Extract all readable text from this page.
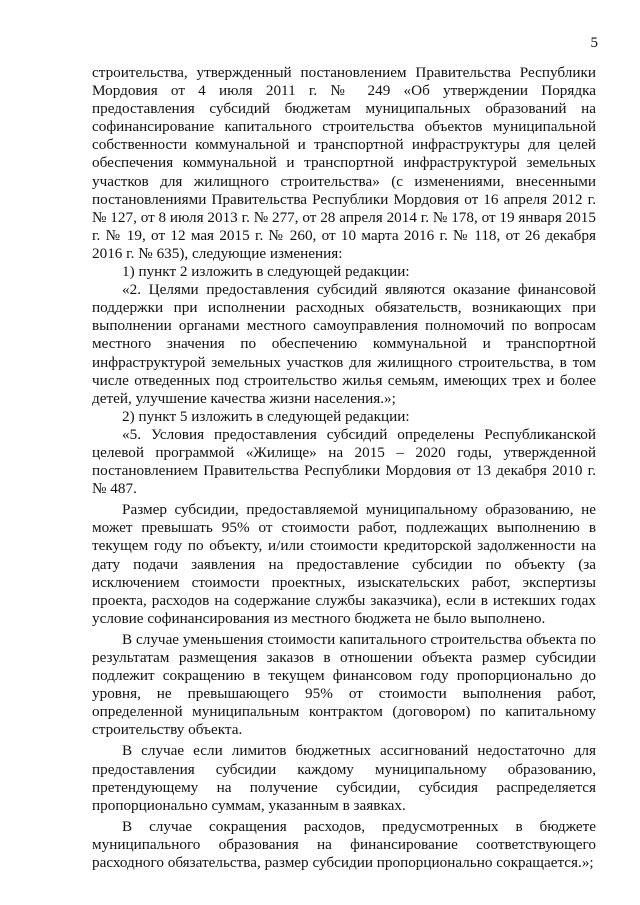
5

строительства, утвержденный постановлением Правительства Республики Мордовия от 4 июля 2011 г. № 249 «Об утверждении Порядка предоставления субсидий бюджетам муниципальных образований на софинансирование капитального строительства объектов муниципальной собственности коммунальной и транспортной инфраструктуры для целей обеспечения коммунальной и транспортной инфраструктурой земельных участков для жилищного строительства» (с изменениями, внесенными постановлениями Правительства Республики Мордовия от 16 апреля 2012 г. № 127, от 8 июля 2013 г. № 277, от 28 апреля 2014 г. № 178, от 19 января 2015 г. № 19, от 12 мая 2015 г. № 260, от 10 марта 2016 г. № 118, от 26 декабря 2016 г. № 635), следующие изменения:

1) пункт 2 изложить в следующей редакции:

«2. Целями предоставления субсидий являются оказание финансовой поддержки при исполнении расходных обязательств, возникающих при выполнении органами местного самоуправления полномочий по вопросам местного значения по обеспечению коммунальной и транспортной инфраструктурой земельных участков для жилищного строительства, в том числе отведенных под строительство жилья семьям, имеющих трех и более детей, улучшение качества жизни населения.»;

2) пункт 5 изложить в следующей редакции:

«5. Условия предоставления субсидий определены Республиканской целевой программой «Жилище» на 2015 – 2020 годы, утвержденной постановлением Правительства Республики Мордовия от 13 декабря 2010 г. № 487.

Размер субсидии, предоставляемой муниципальному образованию, не может превышать 95% от стоимости работ, подлежащих выполнению в текущем году по объекту, и/или стоимости кредиторской задолженности на дату подачи заявления на предоставление субсидии по объекту (за исключением стоимости проектных, изыскательских работ, экспертизы проекта, расходов на содержание службы заказчика), если в истекших годах условие софинансирования из местного бюджета не было выполнено.

В случае уменьшения стоимости капитального строительства объекта по результатам размещения заказов в отношении объекта размер субсидии подлежит сокращению в текущем финансовом году пропорционально до уровня, не превышающего 95% от стоимости выполнения работ, определенной муниципальным контрактом (договором) по капитальному строительству объекта.

В случае если лимитов бюджетных ассигнований недостаточно для предоставления субсидии каждому муниципальному образованию, претендующему на получение субсидии, субсидия распределяется пропорционально суммам, указанным в заявках.

В случае сокращения расходов, предусмотренных в бюджете муниципального образования на финансирование соответствующего расходного обязательства, размер субсидии пропорционально сокращается.»;
